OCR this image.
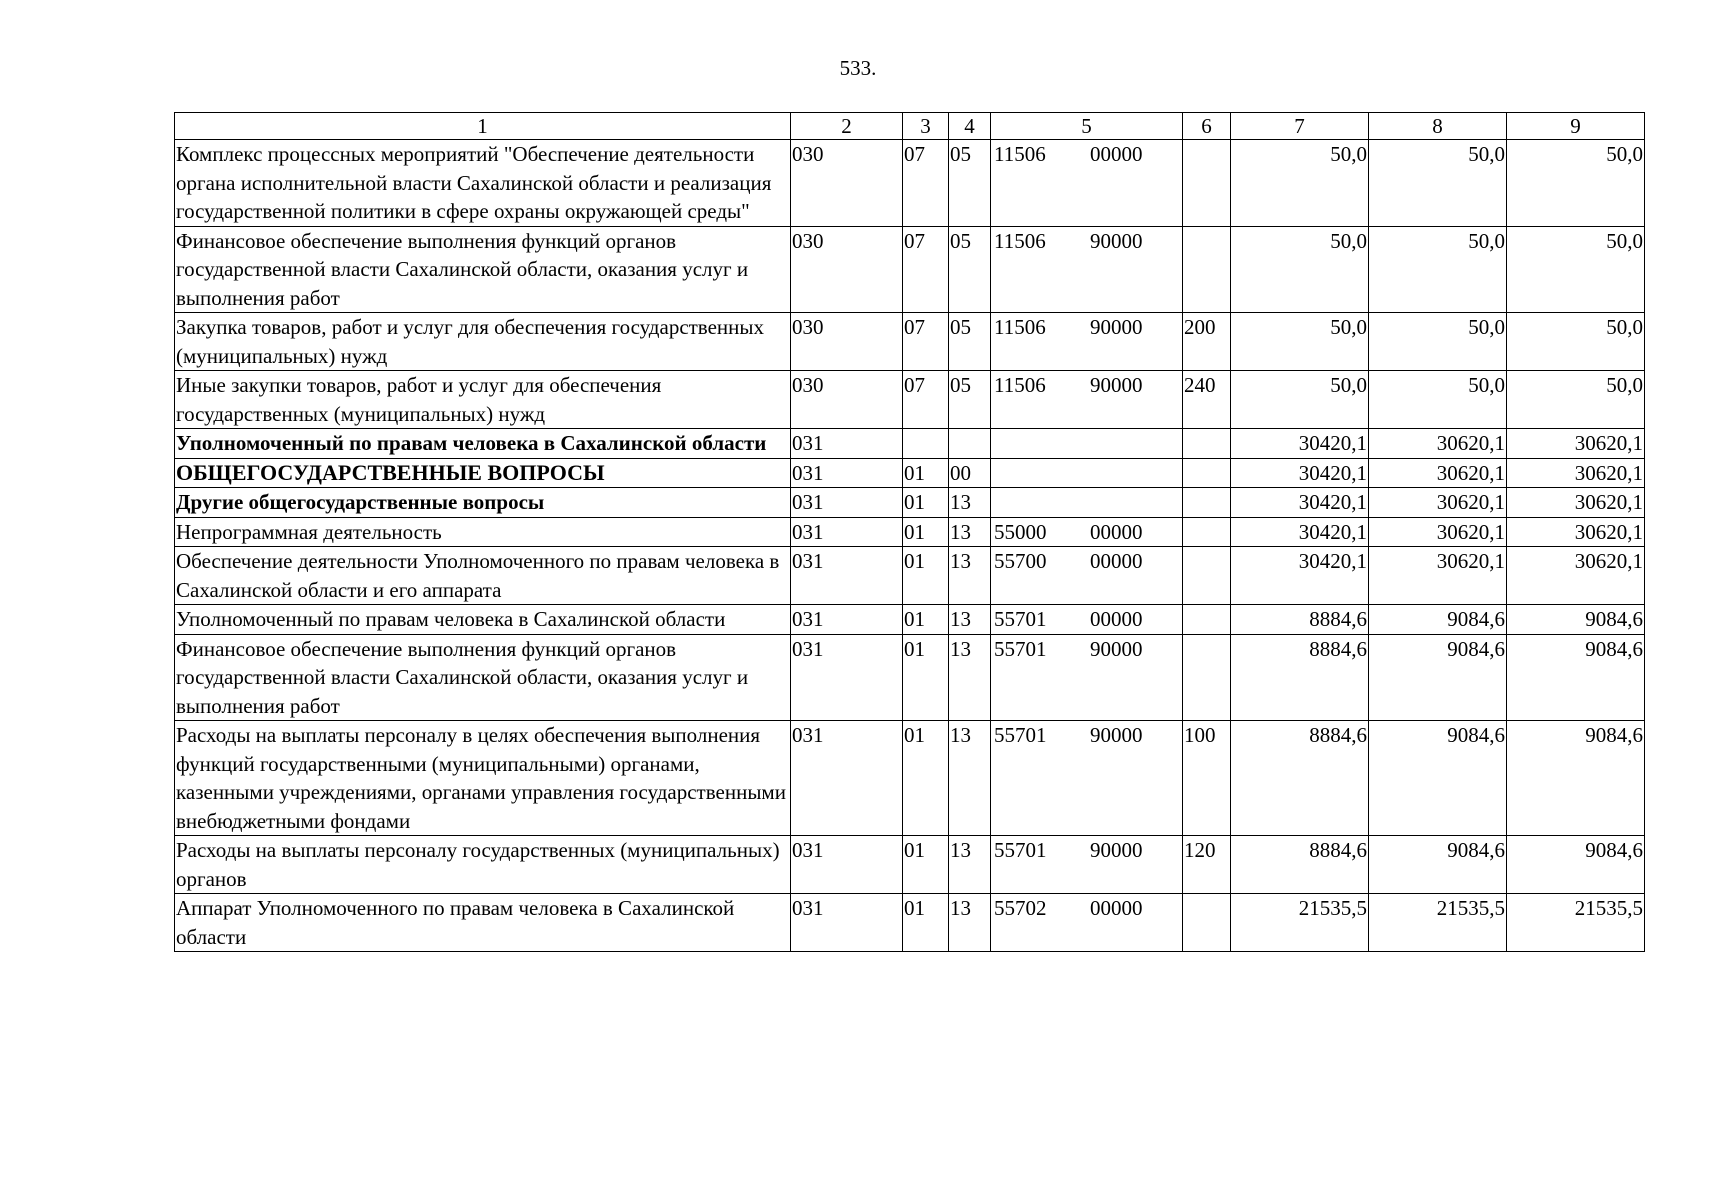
533.
1	2	3	4	5	6	7	8	9
Комплекс процессных мероприятий "Обеспечение деятельности органа исполнительной власти Сахалинской области и реализация государственной политики в сфере охраны окружающей среды"	030	07	05	11506 00000		50,0	50,0	50,0
Финансовое обеспечение выполнения функций органов государственной власти Сахалинской области, оказания услуг и выполнения работ	030	07	05	11506 90000		50,0	50,0	50,0
Закупка товаров, работ и услуг для обеспечения государственных (муниципальных) нужд	030	07	05	11506 90000	200	50,0	50,0	50,0
Иные закупки товаров, работ и услуг для обеспечения государственных (муниципальных) нужд	030	07	05	11506 90000	240	50,0	50,0	50,0
Уполномоченный по правам человека в Сахалинской области	031					30420,1	30620,1	30620,1
ОБЩЕГОСУДАРСТВЕННЫЕ ВОПРОСЫ	031	01	00			30420,1	30620,1	30620,1
Другие общегосударственные вопросы	031	01	13			30420,1	30620,1	30620,1
Непрограммная деятельность	031	01	13	55000 00000		30420,1	30620,1	30620,1
Обеспечение деятельности Уполномоченного по правам человека в Сахалинской области и его аппарата	031	01	13	55700 00000		30420,1	30620,1	30620,1
Уполномоченный по правам человека в Сахалинской области	031	01	13	55701 00000		8884,6	9084,6	9084,6
Финансовое обеспечение выполнения функций органов государственной власти Сахалинской области, оказания услуг и выполнения работ	031	01	13	55701 90000		8884,6	9084,6	9084,6
Расходы на выплаты персоналу в целях обеспечения выполнения функций государственными (муниципальными) органами, казенными учреждениями, органами управления государственными внебюджетными фондами	031	01	13	55701 90000	100	8884,6	9084,6	9084,6
Расходы на выплаты персоналу государственных (муниципальных) органов	031	01	13	55701 90000	120	8884,6	9084,6	9084,6
Аппарат Уполномоченного по правам человека в Сахалинской области	031	01	13	55702 00000		21535,5	21535,5	21535,5
